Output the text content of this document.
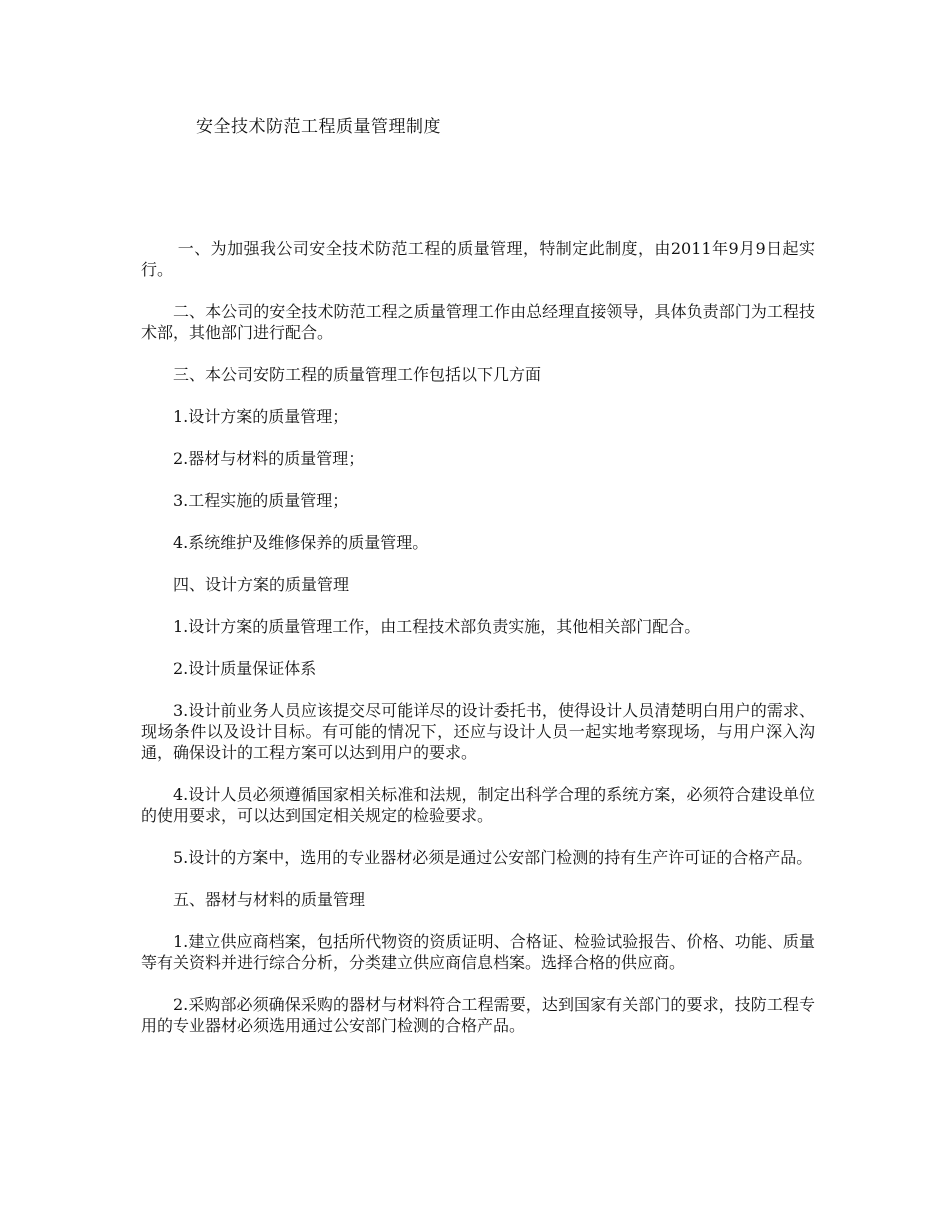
安全技术防范工程质量管理制度

一、为加强我公司安全技术防范工程的质量管理，特制定此制度，由2011年9月9日起实行。

二、本公司的安全技术防范工程之质量管理工作由总经理直接领导，具体负责部门为工程技术部，其他部门进行配合。

三、本公司安防工程的质量管理工作包括以下几方面

1.设计方案的质量管理；

2.器材与材料的质量管理；

3.工程实施的质量管理；

4.系统维护及维修保养的质量管理。

四、设计方案的质量管理

1.设计方案的质量管理工作，由工程技术部负责实施，其他相关部门配合。

2.设计质量保证体系

3.设计前业务人员应该提交尽可能详尽的设计委托书，使得设计人员清楚明白用户的需求、现场条件以及设计目标。有可能的情况下，还应与设计人员一起实地考察现场，与用户深入沟通，确保设计的工程方案可以达到用户的要求。

4.设计人员必须遵循国家相关标准和法规，制定出科学合理的系统方案，必须符合建设单位的使用要求，可以达到国定相关规定的检验要求。

5.设计的方案中，选用的专业器材必须是通过公安部门检测的持有生产许可证的合格产品。

五、器材与材料的质量管理

1.建立供应商档案，包括所代物资的资质证明、合格证、检验试验报告、价格、功能、质量等有关资料并进行综合分析，分类建立供应商信息档案。选择合格的供应商。

2.采购部必须确保采购的器材与材料符合工程需要，达到国家有关部门的要求，技防工程专用的专业器材必须选用通过公安部门检测的合格产品。
